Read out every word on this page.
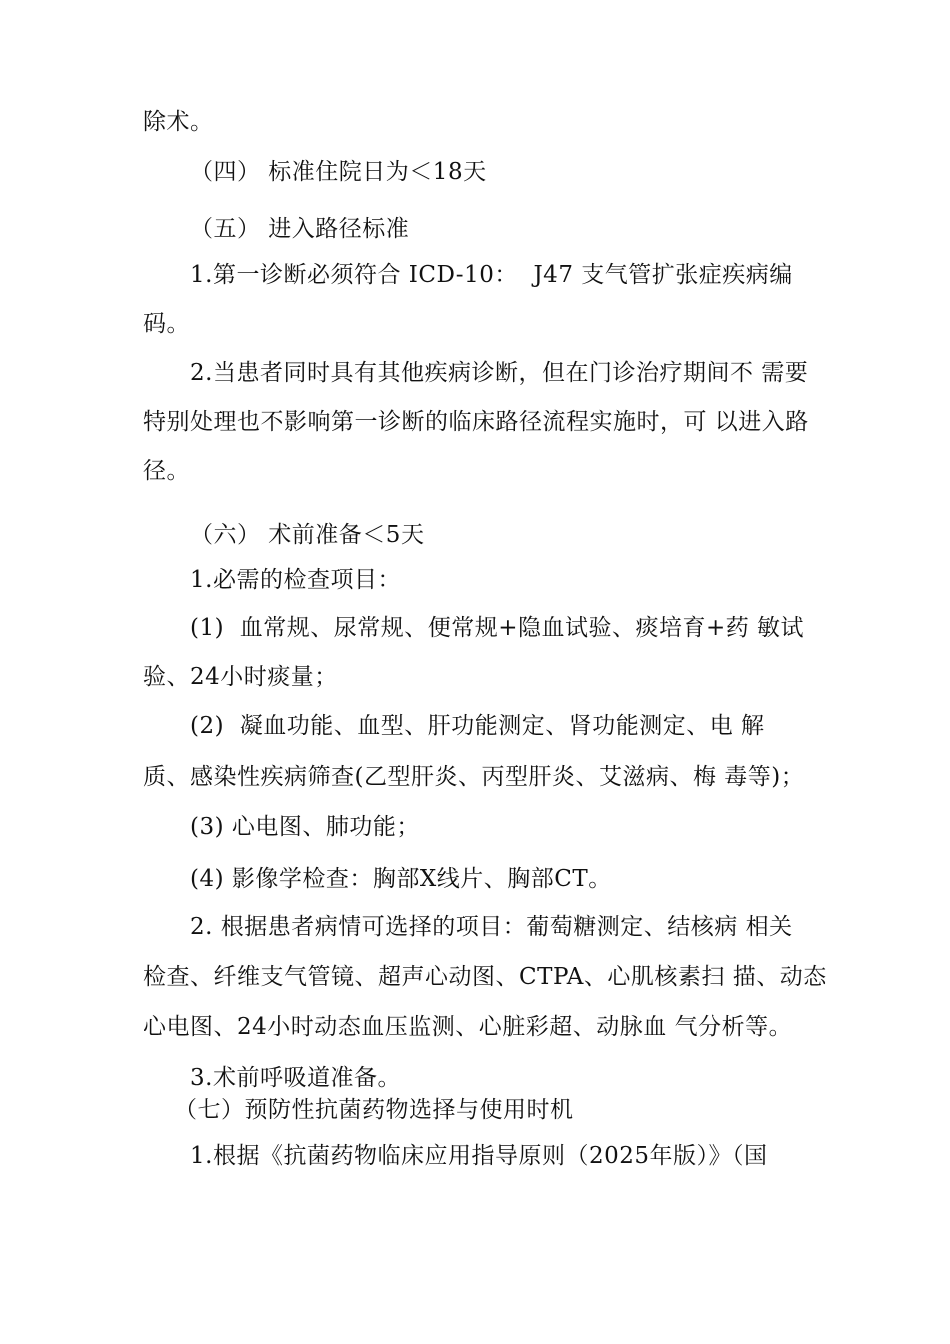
除术。
（四） 标准住院日为＜18天
（五） 进入路径标准
1.第一诊断必须符合 ICD-10：  J47 支气管扩张症疾病编
码。
2.当患者同时具有其他疾病诊断，但在门诊治疗期间不 需要
特别处理也不影响第一诊断的临床路径流程实施时，可 以进入路
径。
（六） 术前准备＜5天
1.必需的检查项目：
(1)  血常规、尿常规、便常规+隐血试验、痰培育+药 敏试
验、24小时痰量；
(2)  凝血功能、血型、肝功能测定、肾功能测定、电 解
质、感染性疾病筛查(乙型肝炎、丙型肝炎、艾滋病、梅 毒等)；
(3) 心电图、肺功能；
(4) 影像学检查：胸部X线片、胸部CT。
2. 根据患者病情可选择的项目：葡萄糖测定、结核病 相关
检查、纤维支气管镜、超声心动图、CTPA、心肌核素扫 描、动态
心电图、24小时动态血压监测、心脏彩超、动脉血 气分析等。
3.术前呼吸道准备。
（七）预防性抗菌药物选择与使用时机
1.根据《抗菌药物临床应用指导原则（2025年版）》（国
